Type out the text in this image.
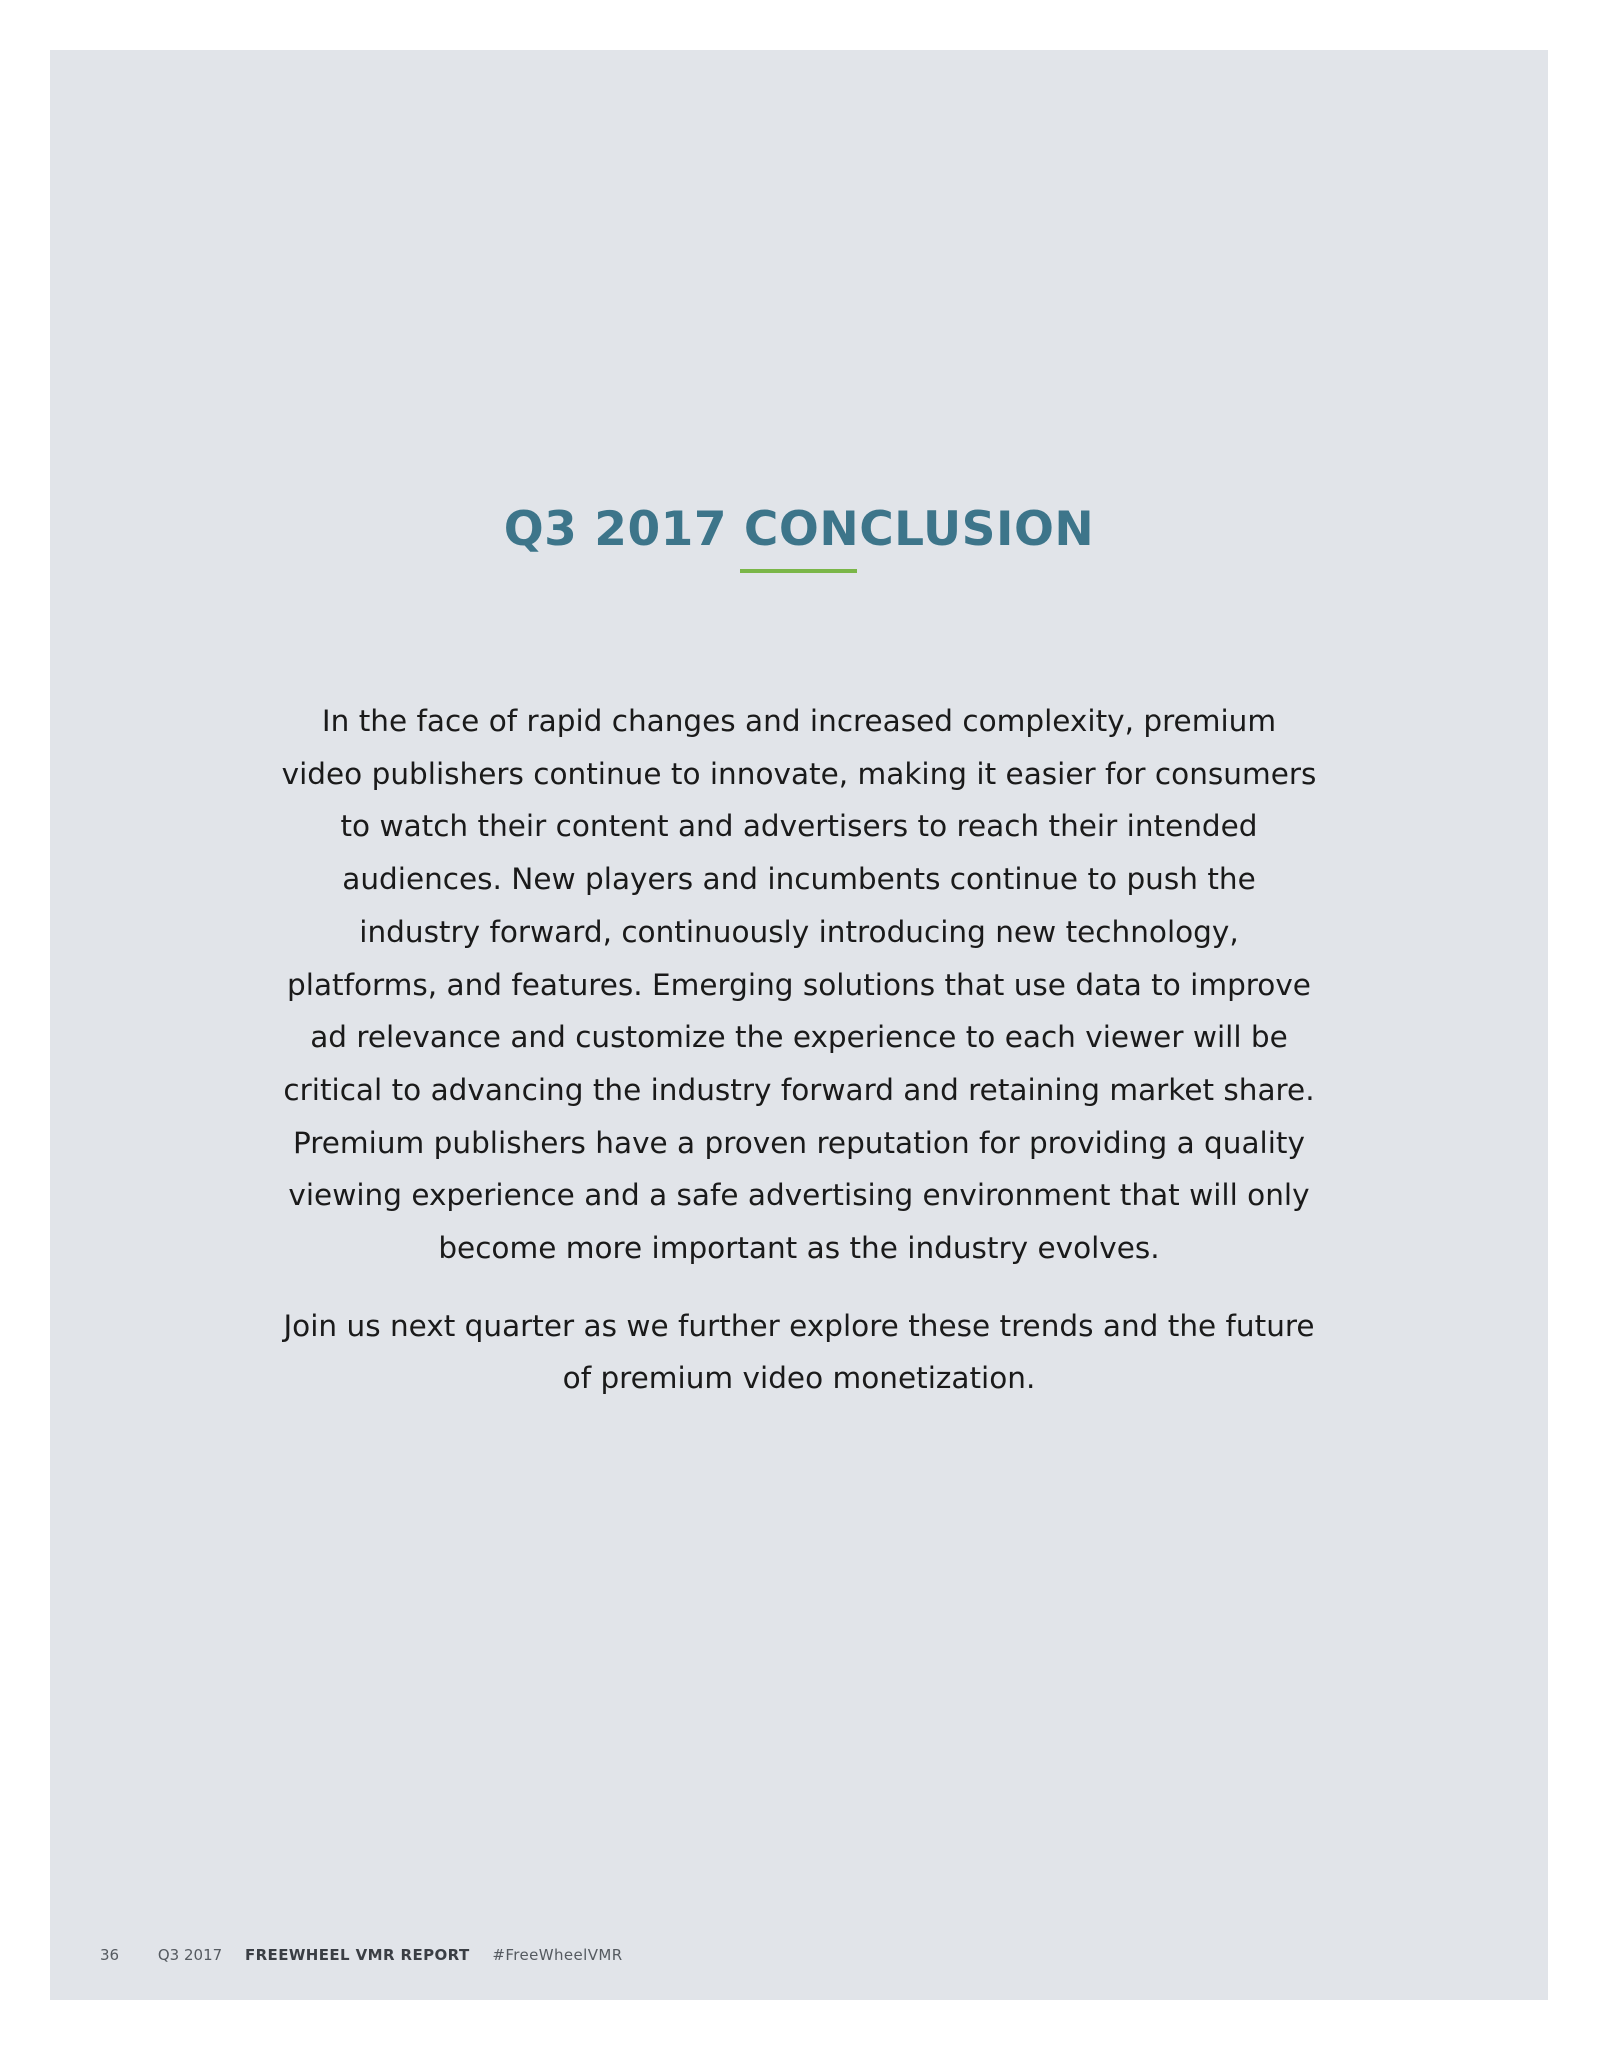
Q3 2017 CONCLUSION

In the face of rapid changes and increased complexity, premium video publishers continue to innovate, making it easier for consumers to watch their content and advertisers to reach their intended audiences. New players and incumbents continue to push the industry forward, continuously introducing new technology, platforms, and features. Emerging solutions that use data to improve ad relevance and customize the experience to each viewer will be critical to advancing the industry forward and retaining market share. Premium publishers have a proven reputation for providing a quality viewing experience and a safe advertising environment that will only become more important as the industry evolves.

Join us next quarter as we further explore these trends and the future of premium video monetization.

36	Q3 2017 FREEWHEEL VMR REPORT #FreeWheelVMR
